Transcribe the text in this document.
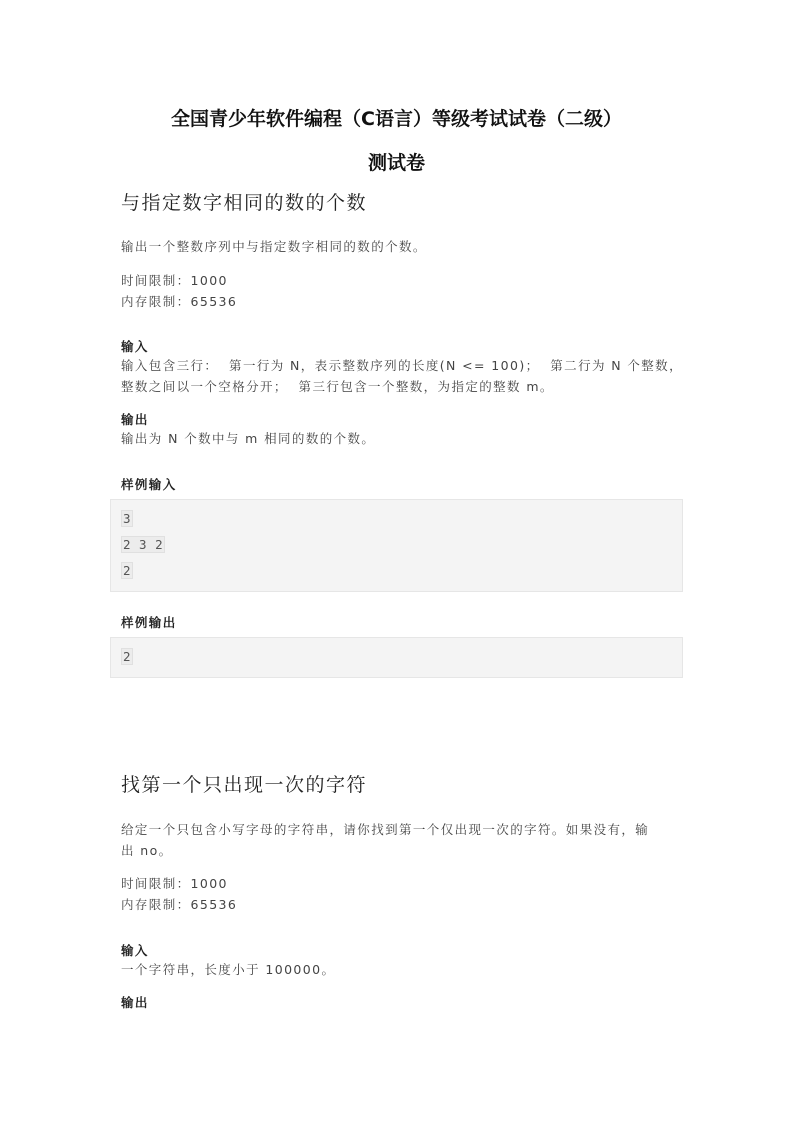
全国青少年软件编程（C语言）等级考试试卷（二级）
测试卷
与指定数字相同的数的个数
输出一个整数序列中与指定数字相同的数的个数。
时间限制：1000
内存限制：65536
输入
输入包含三行：  第一行为 N，表示整数序列的长度(N <= 100)；  第二行为 N 个整数，
整数之间以一个空格分开；  第三行包含一个整数，为指定的整数 m。
输出
输出为 N 个数中与 m 相同的数的个数。
样例输入
3
2 3 2
2
样例输出
2
找第一个只出现一次的字符
给定一个只包含小写字母的字符串，请你找到第一个仅出现一次的字符。如果没有，输
出 no。
时间限制：1000
内存限制：65536
输入
一个字符串，长度小于 100000。
输出
